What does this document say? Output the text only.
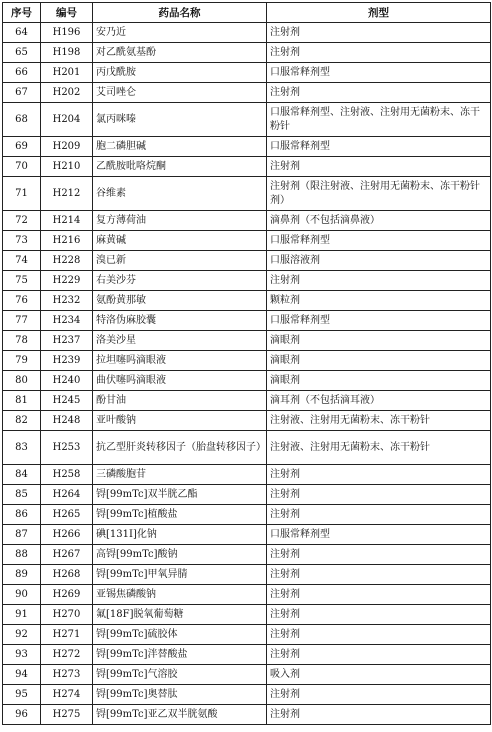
序号	编号	药品名称	剂型
64	H196	安乃近	注射剂
65	H198	对乙酰氨基酚	注射剂
66	H201	丙戊酰胺	口服常释剂型
67	H202	艾司唑仑	注射剂
68	H204	氯丙咪嗪	口服常释剂型、注射液、注射用无菌粉末、冻干粉针
69	H209	胞二磷胆碱	口服常释剂型
70	H210	乙酰胺吡咯烷酮	注射剂
71	H212	谷维素	注射剂（限注射液、注射用无菌粉末、冻干粉针剂）
72	H214	复方薄荷油	滴鼻剂（不包括滴鼻液）
73	H216	麻黄碱	口服常释剂型
74	H228	溴已新	口服溶液剂
75	H229	右美沙芬	注射剂
76	H232	氨酚黄那敏	颗粒剂
77	H234	特洛伪麻胶囊	口服常释剂型
78	H237	洛美沙星	滴眼剂
79	H239	拉坦噻吗滴眼液	滴眼剂
80	H240	曲伏噻吗滴眼液	滴眼剂
81	H245	酚甘油	滴耳剂（不包括滴耳液）
82	H248	亚叶酸钠	注射液、注射用无菌粉末、冻干粉针
83	H253	抗乙型肝炎转移因子（胎盘转移因子）	注射液、注射用无菌粉末、冻干粉针
84	H258	三磷酸胞苷	注射剂
85	H264	锝[99mTc]双半胱乙酯	注射剂
86	H265	锝[99mTc]植酸盐	注射剂
87	H266	碘[131I]化钠	口服常释剂型
88	H267	高锝[99mTc]酸钠	注射剂
89	H268	锝[99mTc]甲氧异腈	注射剂
90	H269	亚锡焦磷酸钠	注射剂
91	H270	氟[18F]脱氧葡萄糖	注射剂
92	H271	锝[99mTc]硫胶体	注射剂
93	H272	锝[99mTc]泮替酸盐	注射剂
94	H273	锝[99mTc]气溶胶	吸入剂
95	H274	锝[99mTc]奥替肽	注射剂
96	H275	锝[99mTc]亚乙双半胱氨酸	注射剂
